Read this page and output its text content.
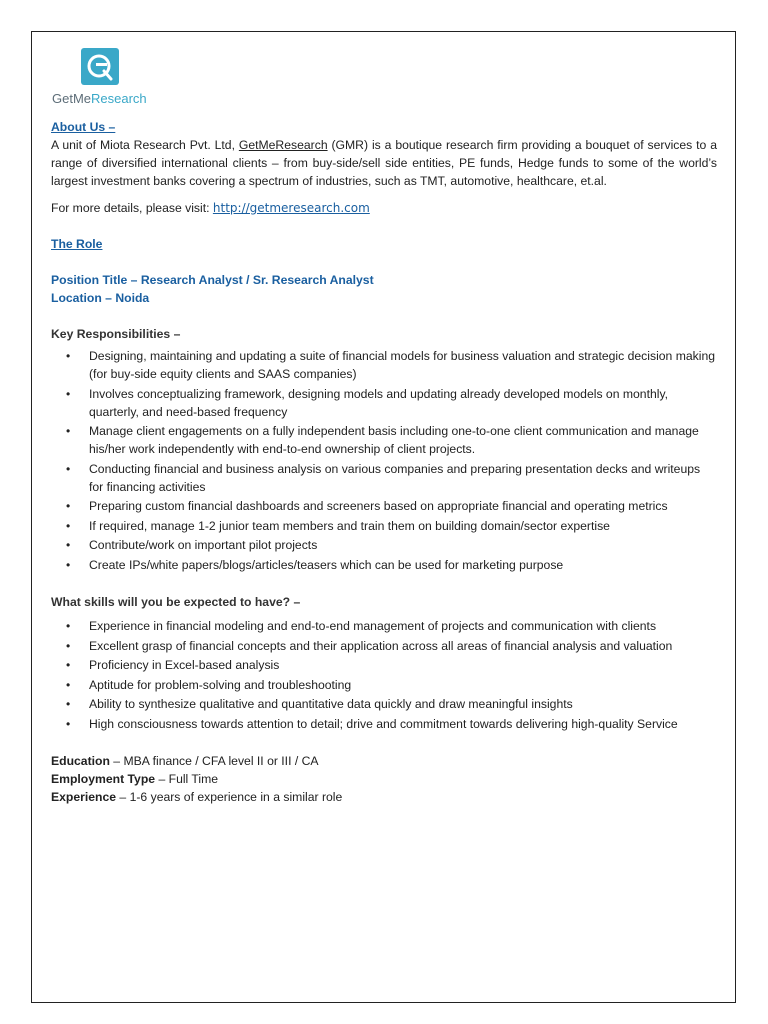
GetMeResearch
About Us –

A unit of Miota Research Pvt. Ltd, GetMeResearch (GMR) is a boutique research firm providing a bouquet of services to a range of diversified international clients – from buy-side/sell side entities, PE funds, Hedge funds to some of the world’s largest investment banks covering a spectrum of industries, such as TMT, automotive, healthcare, et.al.

For more details, please visit: http://getmeresearch.com

The Role
Position Title – Research Analyst / Sr. Research Analyst
Location – Noida
Key Responsibilities –
• Designing, maintaining and updating a suite of financial models for business valuation and strategic decision making (for buy-side equity clients and SAAS companies)
• Involves conceptualizing framework, designing models and updating already developed models on monthly, quarterly, and need-based frequency
• Manage client engagements on a fully independent basis including one-to-one client communication and manage his/her work independently with end-to-end ownership of client projects.
• Conducting financial and business analysis on various companies and preparing presentation decks and writeups for financing activities
• Preparing custom financial dashboards and screeners based on appropriate financial and operating metrics
• If required, manage 1-2 junior team members and train them on building domain/sector expertise
• Contribute/work on important pilot projects
• Create IPs/white papers/blogs/articles/teasers which can be used for marketing purpose
What skills will you be expected to have? –
• Experience in financial modeling and end-to-end management of projects and communication with clients
• Excellent grasp of financial concepts and their application across all areas of financial analysis and valuation
• Proficiency in Excel-based analysis
• Aptitude for problem-solving and troubleshooting
• Ability to synthesize qualitative and quantitative data quickly and draw meaningful insights
• High consciousness towards attention to detail; drive and commitment towards delivering high-quality Service
Education – MBA finance / CFA level II or III / CA
Employment Type – Full Time
Experience – 1-6 years of experience in a similar role
